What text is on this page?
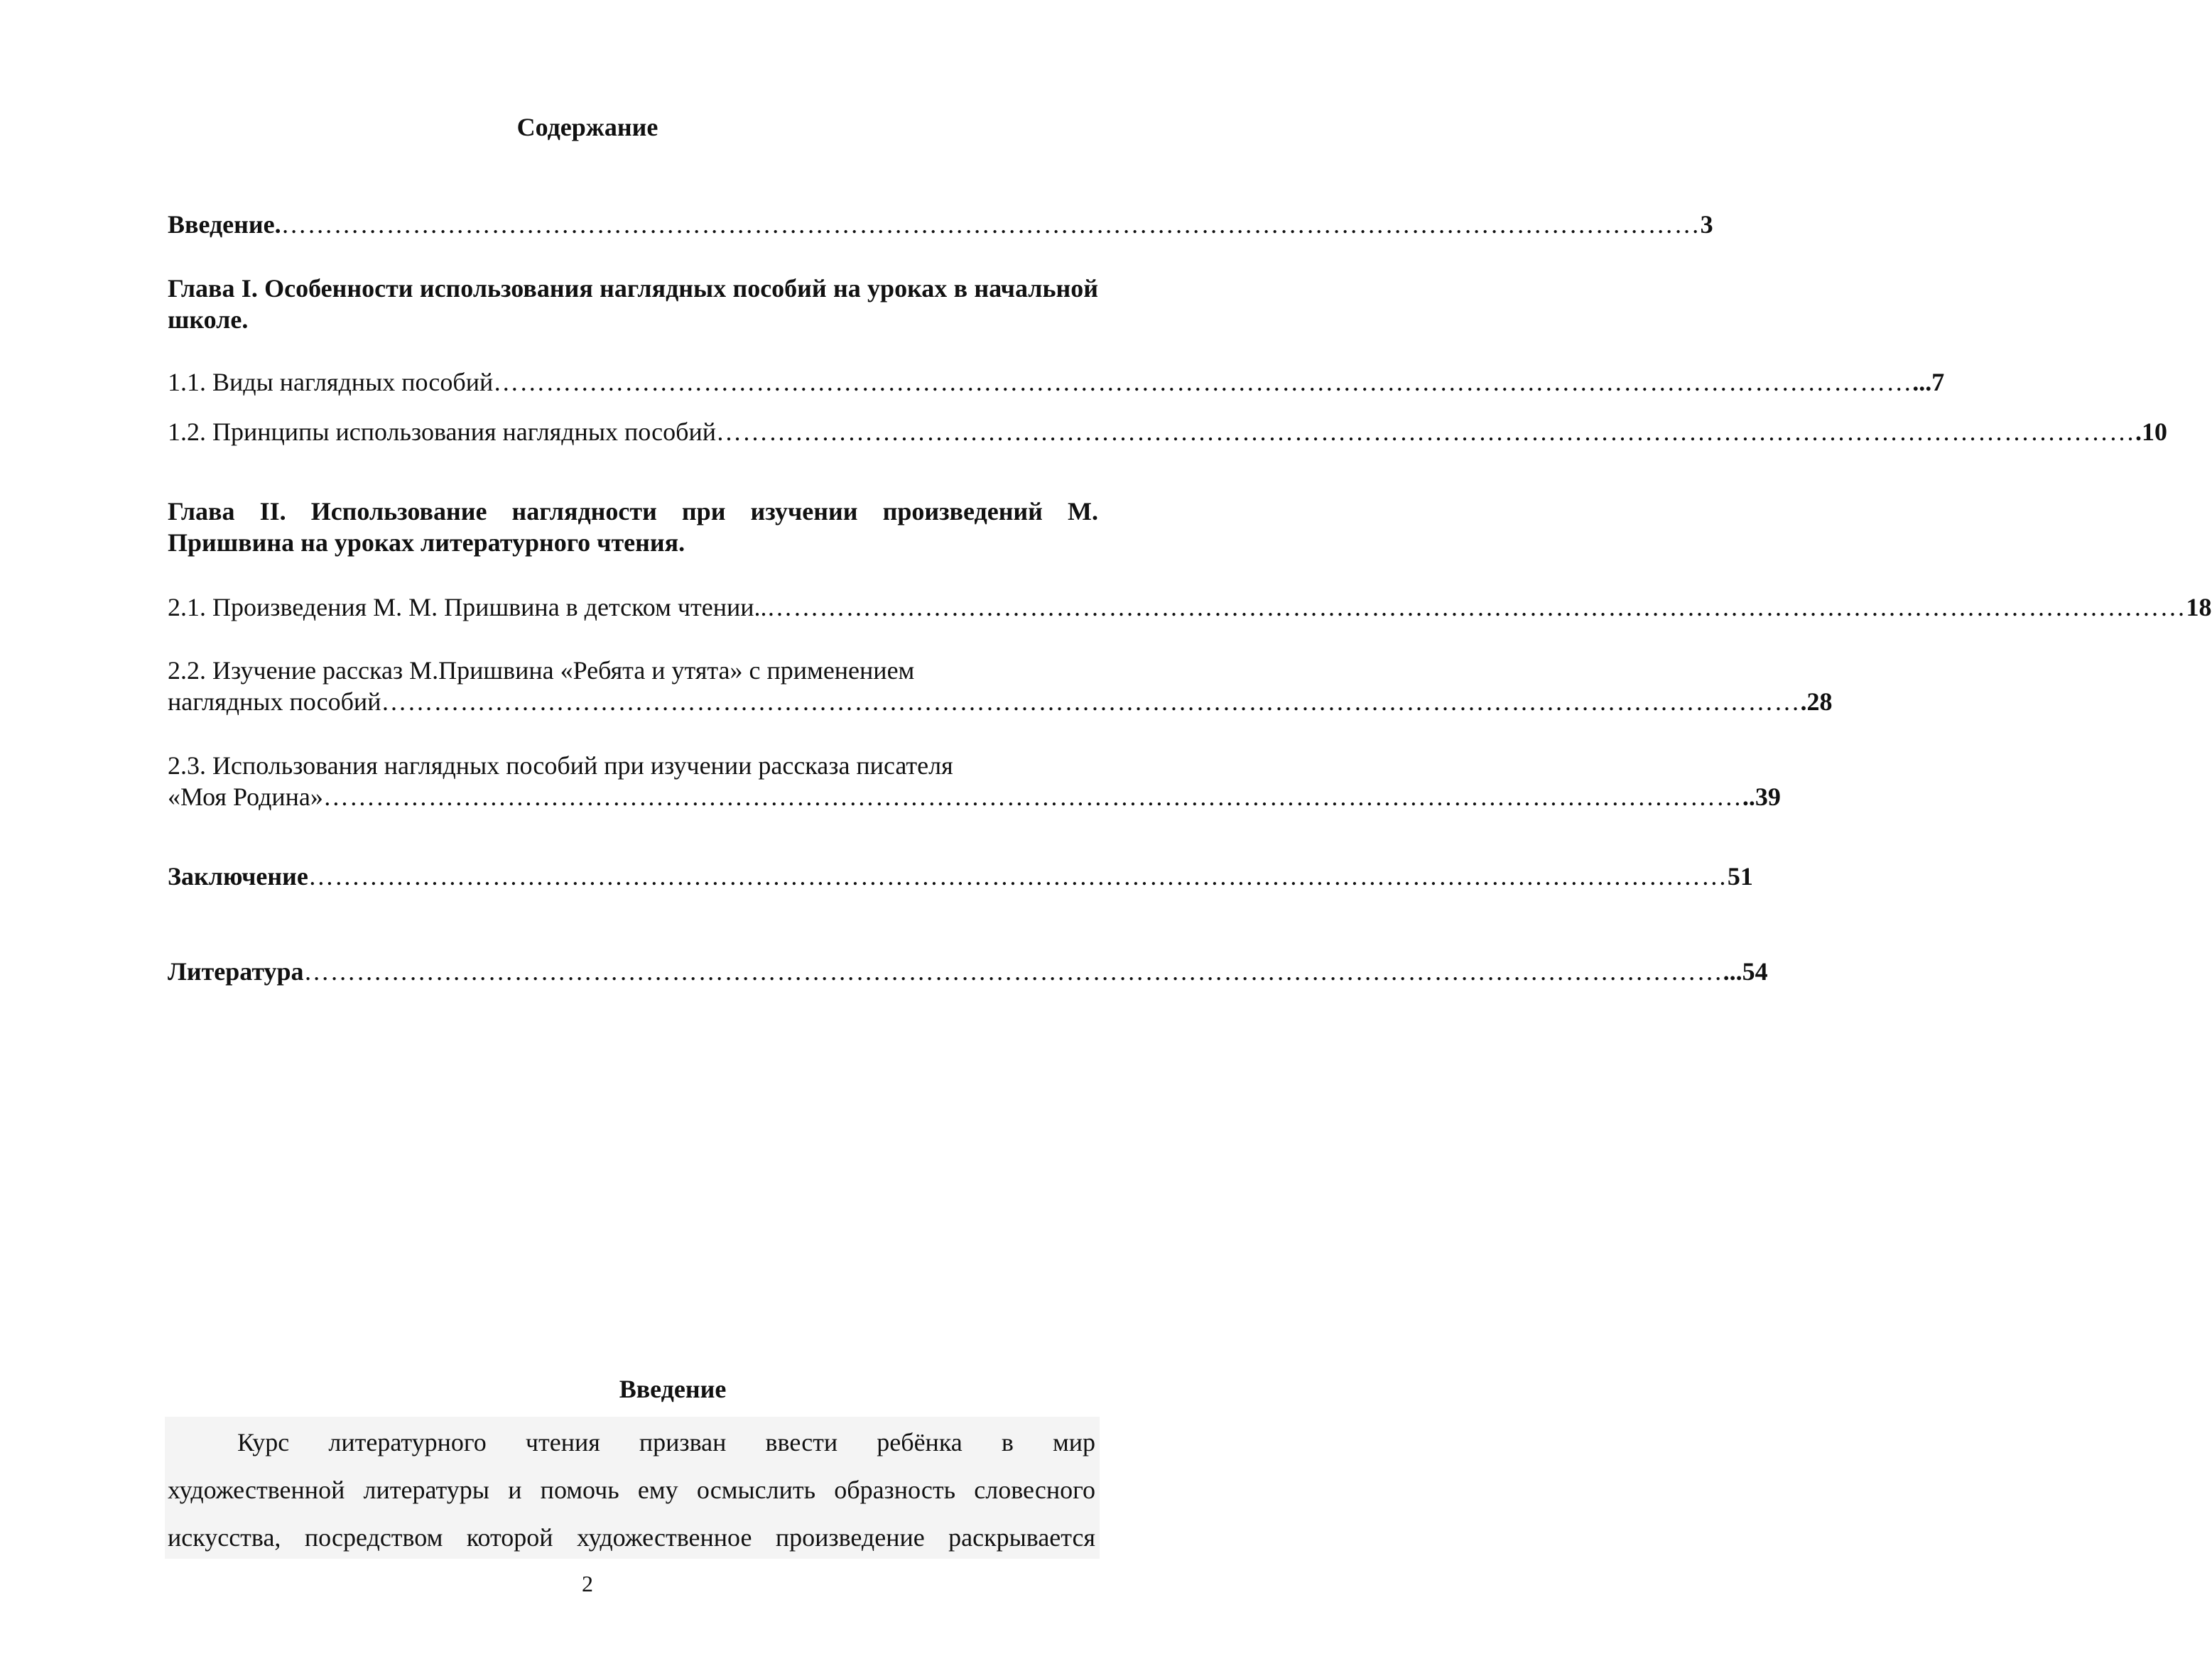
Содержание
Введение. ……………………………………………………………………………………………………………………………………………… 3
Глава I. Особенности использования наглядных пособий на уроках в начальной школе.
1.1. Виды наглядных пособий ……………………………………………………………………………………………………………………………………………… ...7
1.2. Принципы использования наглядных пособий ……………………………………………………………………………………………………………………………………………… .10
Глава II. Использование наглядности при изучении произведений М. Пришвина на уроках литературного чтения.
2.1. Произведения М. М. Пришвина в детском чтении.. ……………………………………………………………………………………………………………………………………………… 18
2.2. Изучение рассказ М.Пришвина «Ребята и утята» с применением
наглядных пособий ……………………………………………………………………………………………………………………………………………… .28
2.3. Использования наглядных пособий при изучении рассказа писателя
«Моя Родина» ……………………………………………………………………………………………………………………………………………… ..39
Заключение ……………………………………………………………………………………………………………………………………………… 51
Литература ……………………………………………………………………………………………………………………………………………… ...54
Введение
Курс литературного чтения призван ввести ребёнка в мир
художественной литературы и помочь ему осмыслить образность словесного
искусства, посредством которой художественное произведение раскрывается
2
